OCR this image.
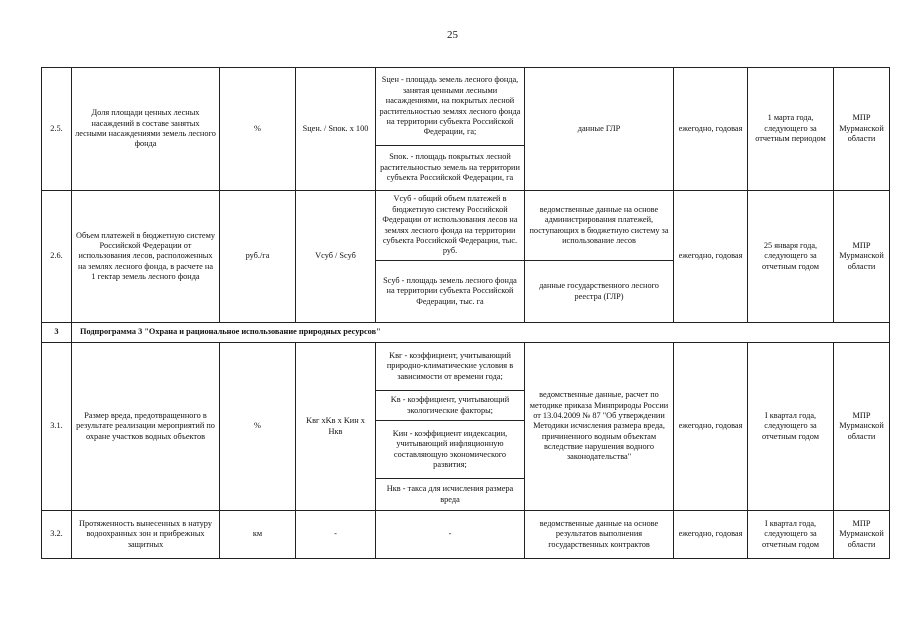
25
2.5.	Доля площади ценных лесных насаждений в составе занятых лесными насаждениями земель лесного фонда	%	Sцен. / Sпок. x 100	Sцен - площадь земель лесного фонда, занятая ценными лесными насаждениями, на покрытых лесной растительностью землях лесного фонда на территории субъекта Российской Федерации, га;	данные ГЛР	ежегодно, годовая	1 марта года, следующего за отчетным периодом	МПР Мурманской области
				Sпок. - площадь покрытых лесной растительностью земель на территории субъекта Российской Федерации, га				
2.6.	Объем платежей в бюджетную систему Российской Федерации от использования лесов, расположенных на землях лесного фонда, в расчете на 1 гектар земель лесного фонда	руб./га	Vсуб / Sсуб	Vсуб - общий объем платежей в бюджетную систему Российской Федерации от использования лесов на землях лесного фонда на территории субъекта Российской Федерации, тыс. руб.	ведомственные данные на основе администрирования платежей, поступающих в бюджетную систему за использование лесов	ежегодно, годовая	25 января года, следующего за отчетным годом	МПР Мурманской области
				Sсуб - площадь земель лесного фонда на территории субъекта Российской Федерации, тыс. га	данные государственного лесного реестра (ГЛР)			
3	Подпрограмма 3 "Охрана и рациональное использование природных ресурсов"							
3.1.	Размер вреда, предотвращенного в результате реализации мероприятий по охране участков водных объектов	%	Kвг xKв x Kин x Hкв	Kвг - коэффициент, учитывающий природно-климатические условия в зависимости от времени года;	ведомственные данные, расчет по методике приказа Минприроды России от 13.04.2009 № 87 "Об утверждении Методики исчисления размера вреда, причиненного водным объектам вследствие нарушения водного законодательства"	ежегодно, годовая	I квартал года, следующего за отчетным годом	МПР Мурманской области
				Kв - коэффициент, учитывающий экологические факторы;				
				Kин - коэффициент индексации, учитывающий инфляционную составляющую экономического развития;				
				Hкв - такса для исчисления размера вреда				
3.2.	Протяженность вынесенных в натуру водоохранных зон и прибрежных защитных	км	-	-	ведомственные данные на основе результатов выполнения государственных контрактов	ежегодно, годовая	I квартал года, следующего за отчетным годом	МПР Мурманской области
